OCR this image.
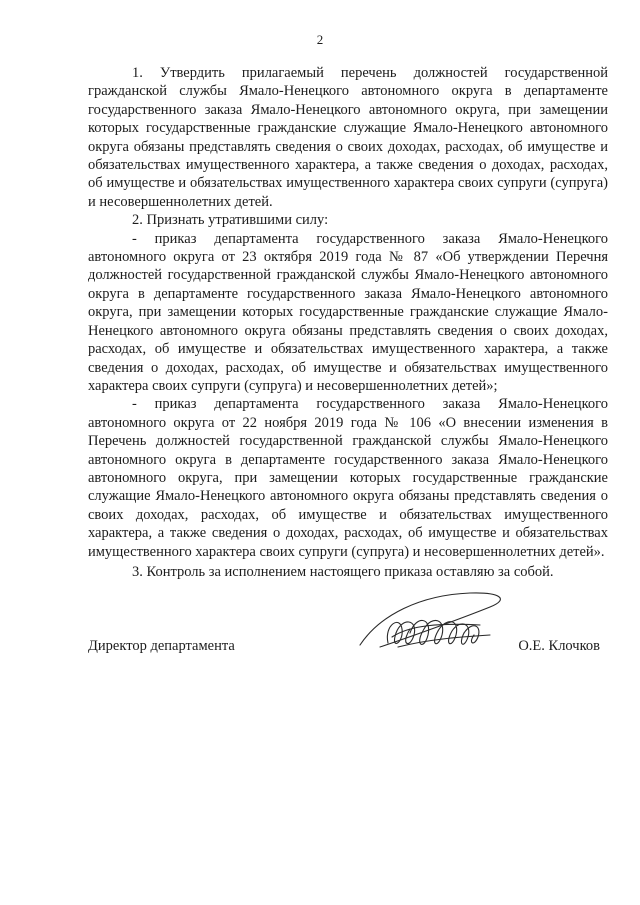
2

1. Утвердить прилагаемый перечень должностей государственной гражданской службы Ямало-Ненецкого автономного округа в департаменте государственного заказа Ямало-Ненецкого автономного округа, при замещении которых государственные гражданские служащие Ямало-Ненецкого автономного округа обязаны представлять сведения о своих доходах, расходах, об имуществе и обязательствах имущественного характера, а также сведения о доходах, расходах, об имуществе и обязательствах имущественного характера своих супруги (супруга) и несовершеннолетних детей.

2. Признать утратившими силу:

- приказ департамента государственного заказа Ямало-Ненецкого автономного округа от 23 октября 2019 года № 87 «Об утверждении Перечня должностей государственной гражданской службы Ямало-Ненецкого автономного округа в департаменте государственного заказа Ямало-Ненецкого автономного округа, при замещении которых государственные гражданские служащие Ямало-Ненецкого автономного округа обязаны представлять сведения о своих доходах, расходах, об имуществе и обязательствах имущественного характера, а также сведения о доходах, расходах, об имуществе и обязательствах имущественного характера своих супруги (супруга) и несовершеннолетних детей»;

- приказ департамента государственного заказа Ямало-Ненецкого автономного округа от 22 ноября 2019 года № 106 «О внесении изменения в Перечень должностей государственной гражданской службы Ямало-Ненецкого автономного округа в департаменте государственного заказа Ямало-Ненецкого автономного округа, при замещении которых государственные гражданские служащие Ямало-Ненецкого автономного округа обязаны представлять сведения о своих доходах, расходах, об имуществе и обязательствах имущественного характера, а также сведения о доходах, расходах, об имуществе и обязательствах имущественного характера своих супруги (супруга) и несовершеннолетних детей».

3. Контроль за исполнением настоящего приказа оставляю за собой.

Директор департамента	О.Е. Клочков
